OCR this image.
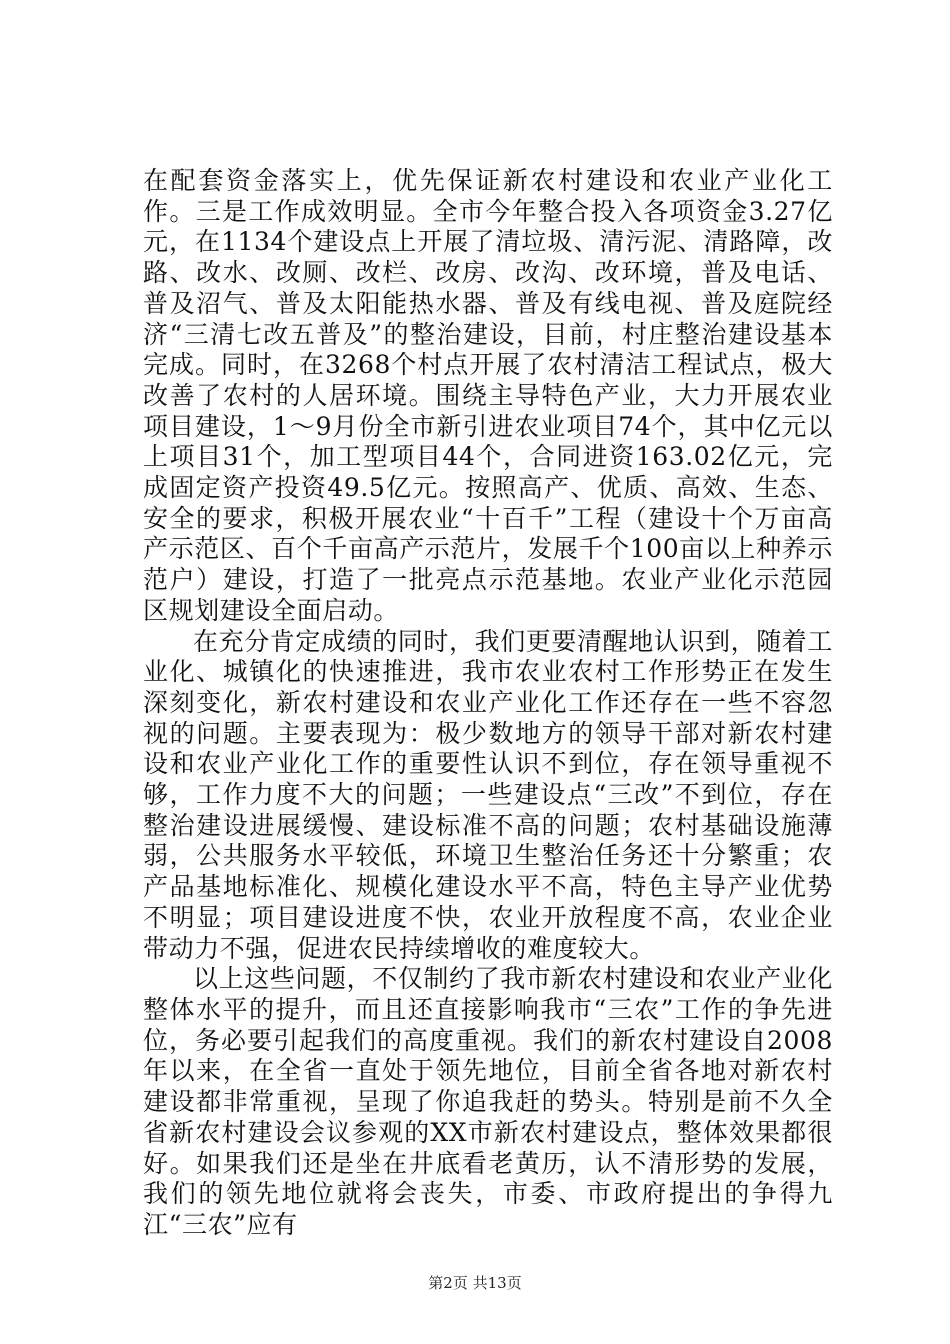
在配套资金落实上，优先保证新农村建设和农业产业化工作。三是工作成效明显。全市今年整合投入各项资金3.27亿元，在1134个建设点上开展了清垃圾、清污泥、清路障，改路、改水、改厕、改栏、改房、改沟、改环境，普及电话、普及沼气、普及太阳能热水器、普及有线电视、普及庭院经济“三清七改五普及”的整治建设，目前，村庄整治建设基本完成。同时，在3268个村点开展了农村清洁工程试点，极大改善了农村的人居环境。围绕主导特色产业，大力开展农业项目建设，1～9月份全市新引进农业项目74个，其中亿元以上项目31个，加工型项目44个，合同进资163.02亿元，完成固定资产投资49.5亿元。按照高产、优质、高效、生态、安全的要求，积极开展农业“十百千”工程（建设十个万亩高产示范区、百个千亩高产示范片，发展千个100亩以上种养示范户）建设，打造了一批亮点示范基地。农业产业化示范园区规划建设全面启动。

在充分肯定成绩的同时，我们更要清醒地认识到，随着工业化、城镇化的快速推进，我市农业农村工作形势正在发生深刻变化，新农村建设和农业产业化工作还存在一些不容忽视的问题。主要表现为：极少数地方的领导干部对新农村建设和农业产业化工作的重要性认识不到位，存在领导重视不够，工作力度不大的问题；一些建设点“三改”不到位，存在整治建设进展缓慢、建设标准不高的问题；农村基础设施薄弱，公共服务水平较低，环境卫生整治任务还十分繁重；农产品基地标准化、规模化建设水平不高，特色主导产业优势不明显；项目建设进度不快，农业开放程度不高，农业企业带动力不强，促进农民持续增收的难度较大。

以上这些问题，不仅制约了我市新农村建设和农业产业化整体水平的提升，而且还直接影响我市“三农”工作的争先进位，务必要引起我们的高度重视。我们的新农村建设自2008年以来，在全省一直处于领先地位，目前全省各地对新农村建设都非常重视，呈现了你追我赶的势头。特别是前不久全省新农村建设会议参观的XX市新农村建设点，整体效果都很好。如果我们还是坐在井底看老黄历，认不清形势的发展，我们的领先地位就将会丧失，市委、市政府提出的争得九江“三农”应有

第2页 共13页
